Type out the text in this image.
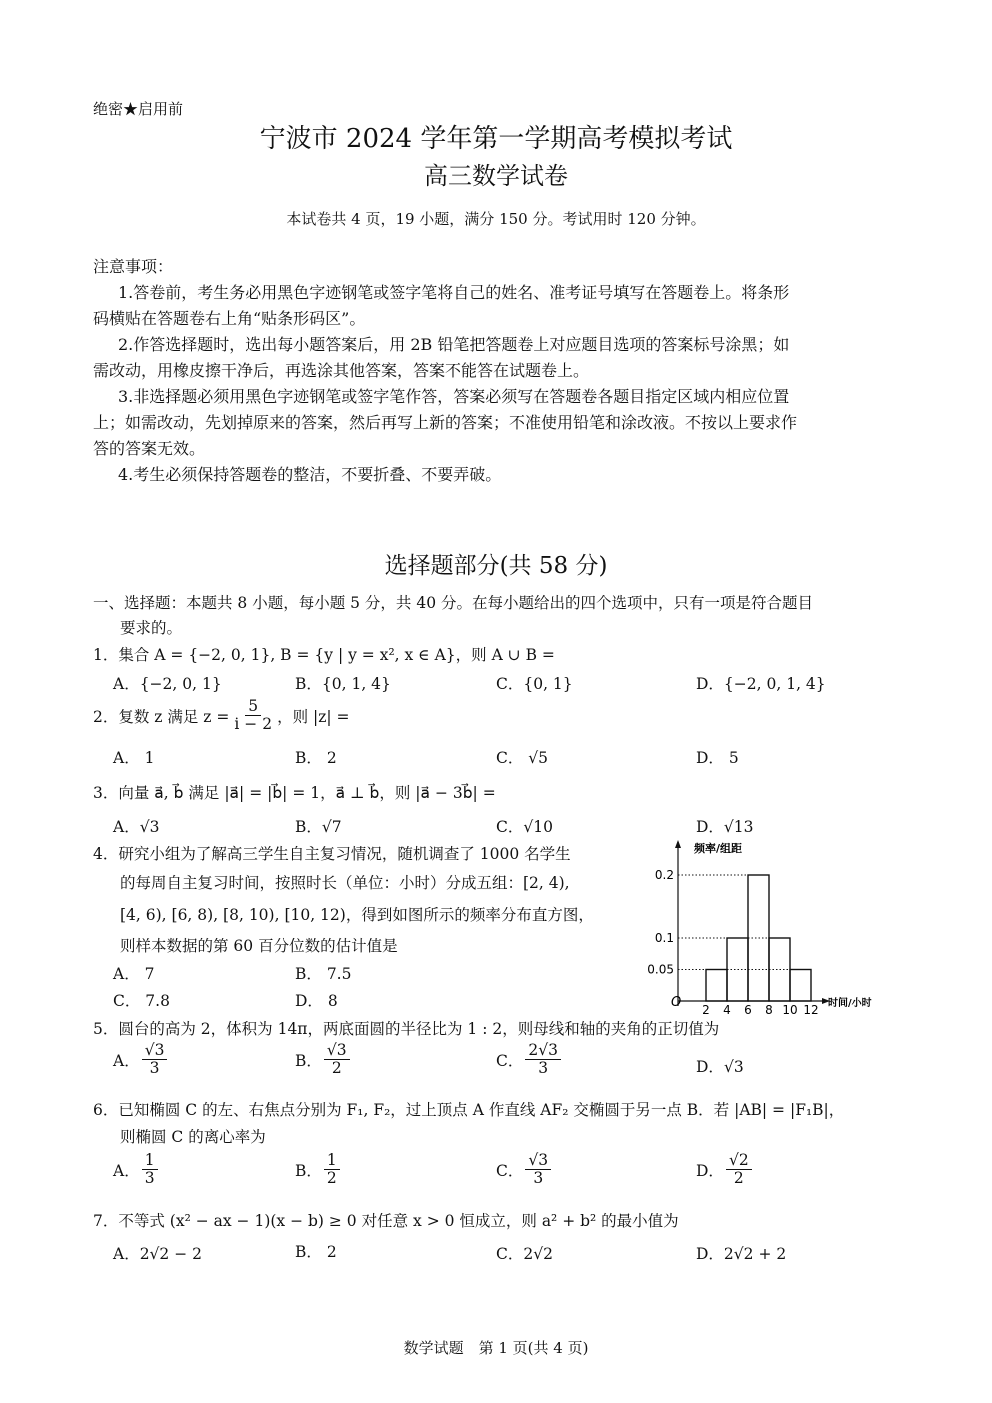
绝密★启用前
宁波市 2024 学年第一学期高考模拟考试
高三数学试卷
本试卷共 4 页，19 小题，满分 150 分。考试用时 120 分钟。
注意事项：
1.答卷前，考生务必用黑色字迹钢笔或签字笔将自己的姓名、准考证号填写在答题卷上。将条形
码横贴在答题卷右上角“贴条形码区”。
2.作答选择题时，选出每小题答案后，用 2B 铅笔把答题卷上对应题目选项的答案标号涂黑；如
需改动，用橡皮擦干净后，再选涂其他答案，答案不能答在试题卷上。
3.非选择题必须用黑色字迹钢笔或签字笔作答，答案必须写在答题卷各题目指定区域内相应位置
上；如需改动，先划掉原来的答案，然后再写上新的答案；不准使用铅笔和涂改液。不按以上要求作
答的答案无效。
4.考生必须保持答题卷的整洁，不要折叠、不要弄破。
选择题部分(共 58 分)
一、选择题：本题共 8 小题，每小题 5 分，共 40 分。在每小题给出的四个选项中，只有一项是符合题目
要求的。
1．集合 A = {−2, 0, 1}, B = {y | y = x², x ∈ A}，则 A ∪ B =
A．{−2, 0, 1}	B．{0, 1, 4}	C．{0, 1}	D．{−2, 0, 1, 4}
2．复数 z 满足 $z = \frac{5}{i - 2}$ ，则 |z| =
A． 1	B． 2	C． √5	D． 5
3．向量 a⃗, b⃗ 满足 |a⃗| = |b⃗| = 1，a⃗ ⊥ b⃗，则 |a⃗ − 3b⃗| =
A．√3	B．√7	C．√10	D．√13
4．研究小组为了解高三学生自主复习情况，随机调查了 1000 名学生
的每周自主复习时间，按照时长（单位：小时）分成五组：[2, 4),
[4, 6), [6, 8), [8, 10), [10, 12)，得到如图所示的频率分布直方图，
则样本数据的第 60 百分位数的估计值是
A． 7	B． 7.5
C． 7.8	D． 8
频率/组距
时间/小时
O
0.05
0.1
0.2
2 4 6 8 10 12
5．圆台的高为 2，体积为 14π，两底面圆的半径比为 1 : 2，则母线和轴的夹角的正切值为
A． $\frac{√3}{3}$	B． $\frac{√3}{2}$	C． $\frac{2√3}{3}$	D．√3
6．已知椭圆 C 的左、右焦点分别为 F₁, F₂，过上顶点 A 作直线 AF₂ 交椭圆于另一点 B．若 |AB| = |F₁B|，
则椭圆 C 的离心率为
A． $\frac{1}{3}$	B． $\frac{1}{2}$	C． $\frac{√3}{3}$	D． $\frac{√2}{2}$
7．不等式 (x² − ax − 1)(x − b) ≥ 0 对任意 x > 0 恒成立，则 a² + b² 的最小值为
A．2√2 − 2	B． 2	C．2√2	D．2√2 + 2
数学试题　第 1 页(共 4 页)
